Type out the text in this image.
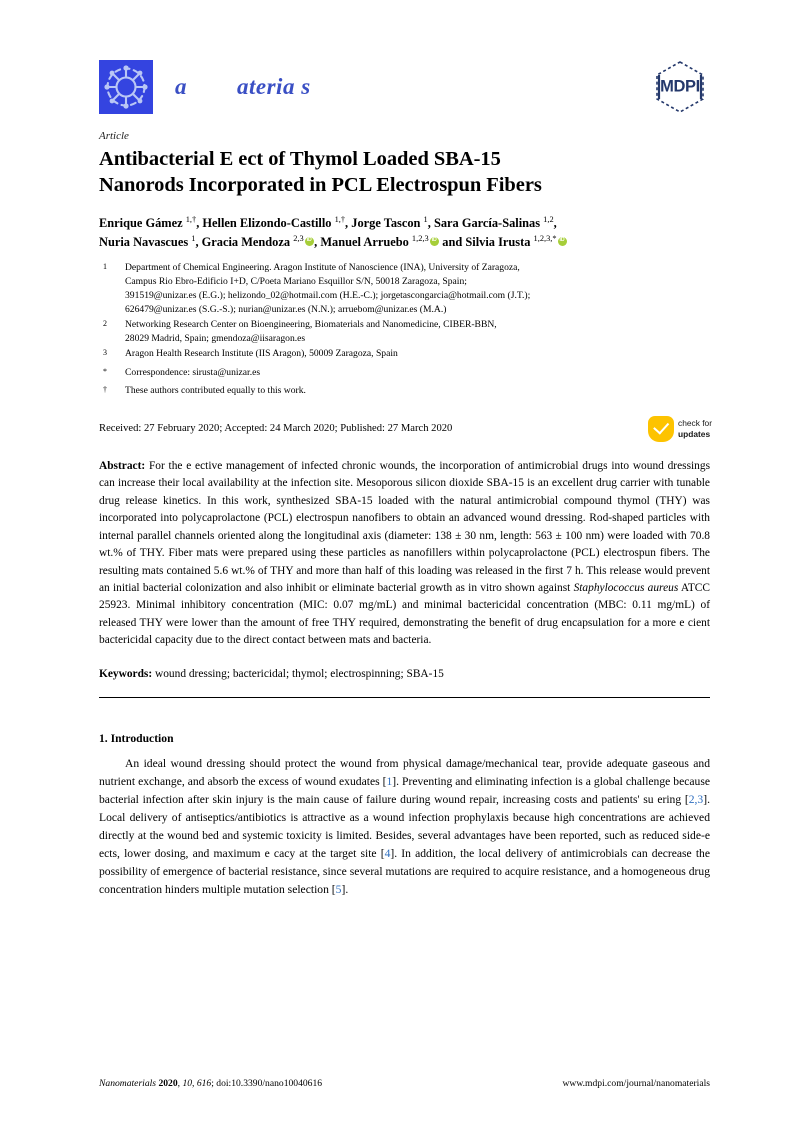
a        ateria s	MDPI
Article
Antibacterial E ect of Thymol Loaded SBA-15
Nanorods Incorporated in PCL Electrospun Fibers
Enrique Gámez $^{1,\dagger}$, Hellen Elizondo-Castillo $^{1,\dagger}$, Jorge Tascon $^1$, Sara García-Salinas $^{1,2}$,
Nuria Navascues $^1$, Gracia Mendoza $^{2,3}$ iD , Manuel Arruebo $^{1,2,3}$iD and Silvia Irusta $^{1,2,3,*}$iD
$^1$	Department of Chemical Engineering. Aragon Institute of Nanoscience (INA), University of Zaragoza,
Campus Rio Ebro-Edificio I+D, C/Poeta Mariano Esquillor S/N, 50018 Zaragoza, Spain;
391519@unizar.es (E.G.); helizondo_02@hotmail.com (H.E.-C.); jorgetascongarcia@hotmail.com (J.T.);
626479@unizar.es (S.G.-S.); nurian@unizar.es (N.N.); arruebom@unizar.es (M.A.)
$^2$	Networking Research Center on Bioengineering, Biomaterials and Nanomedicine, CIBER-BBN,
28029 Madrid, Spain; gmendoza@iisaragon.es
$^3$	Aragon Health Research Institute (IIS Aragon), 50009 Zaragoza, Spain
*	Correspondence: sirusta@unizar.es
†	These authors contributed equally to this work.
Received: 27 February 2020; Accepted: 24 March 2020; Published: 27 March 2020	check for
updates

Abstract: For the e ective management of infected chronic wounds, the incorporation of antimicrobial drugs into wound dressings can increase their local availability at the infection site. Mesoporous silicon dioxide SBA-15 is an excellent drug carrier with tunable drug release kinetics. In this work, synthesized SBA-15 loaded with the natural antimicrobial compound thymol (THY) was incorporated into polycaprolactone (PCL) electrospun nanofibers to obtain an advanced wound dressing. Rod-shaped particles with internal parallel channels oriented along the longitudinal axis (diameter: 138 ± 30 nm, length: 563 ± 100 nm) were loaded with 70.8 wt.% of THY. Fiber mats were prepared using these particles as nanofillers within polycaprolactone (PCL) electrospun fibers. The resulting mats contained 5.6 wt.% of THY and more than half of this loading was released in the first 7 h. This release would prevent an initial bacterial colonization and also inhibit or eliminate bacterial growth as in vitro shown against Staphylococcus aureus ATCC 25923. Minimal inhibitory concentration (MIC: 0.07 mg/mL) and minimal bactericidal concentration (MBC: 0.11 mg/mL) of released THY were lower than the amount of free THY required, demonstrating the benefit of drug encapsulation for a more e cient bactericidal capacity due to the direct contact between mats and bacteria.

Keywords: wound dressing; bactericidal; thymol; electrospinning; SBA-15

1. Introduction

An ideal wound dressing should protect the wound from physical damage/mechanical tear, provide adequate gaseous and nutrient exchange, and absorb the excess of wound exudates [1]. Preventing and eliminating infection is a global challenge because bacterial infection after skin injury is the main cause of failure during wound repair, increasing costs and patients' su ering [2,3]. Local delivery of antiseptics/antibiotics is attractive as a wound infection prophylaxis because high concentrations are achieved directly at the wound bed and systemic toxicity is limited. Besides, several advantages have been reported, such as reduced side-e ects, lower dosing, and maximum e cacy at the target site [4]. In addition, the local delivery of antimicrobials can decrease the possibility of emergence of bacterial resistance, since several mutations are required to acquire resistance, and a homogeneous drug concentration hinders multiple mutation selection [5].

Nanomaterials 2020, 10, 616; doi:10.3390/nano10040616	www.mdpi.com/journal/nanomaterials
